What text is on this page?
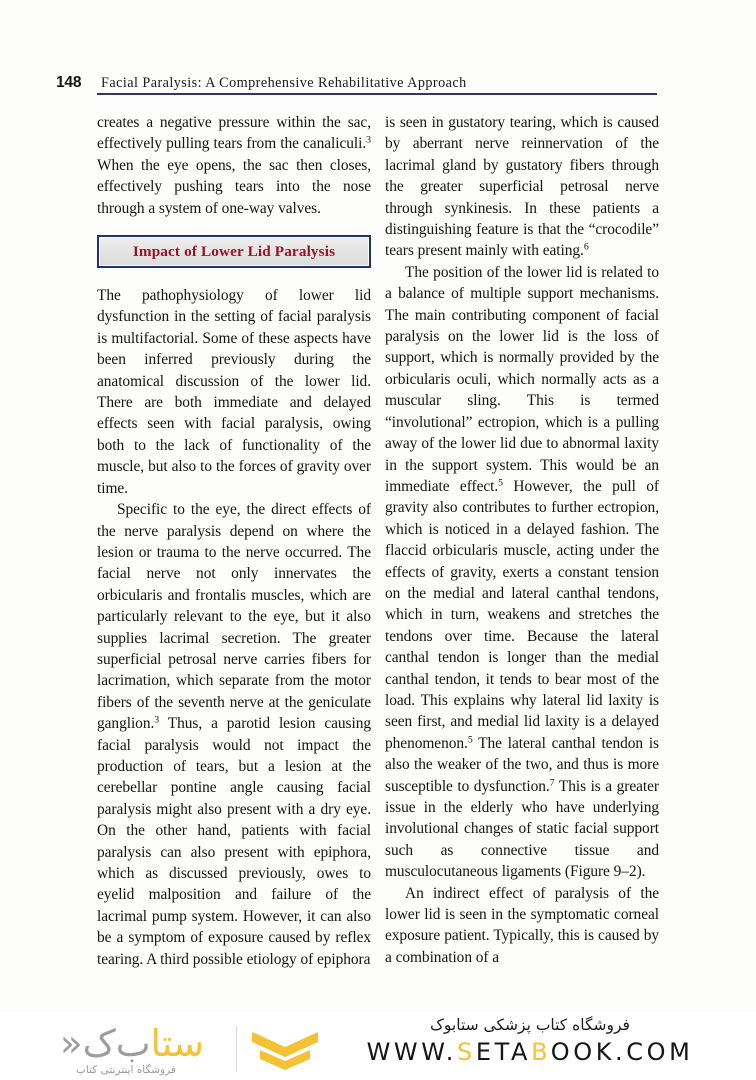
148	Facial Paralysis: A Comprehensive Rehabilitative Approach

creates a negative pressure within the sac, effectively pulling tears from the canaliculi.$^3$ When the eye opens, the sac then closes, effectively pushing tears into the nose through a system of one-way valves.

Impact of Lower Lid Paralysis

The pathophysiology of lower lid dysfunction in the setting of facial paralysis is multifactorial. Some of these aspects have been inferred previously during the anatomical discussion of the lower lid. There are both immediate and delayed effects seen with facial paralysis, owing both to the lack of functionality of the muscle, but also to the forces of gravity over time.

Specific to the eye, the direct effects of the nerve paralysis depend on where the lesion or trauma to the nerve occurred. The facial nerve not only innervates the orbicularis and frontalis muscles, which are particularly relevant to the eye, but it also supplies lacrimal secretion. The greater superficial petrosal nerve carries fibers for lacrimation, which separate from the motor fibers of the seventh nerve at the geniculate ganglion.$^3$ Thus, a parotid lesion causing facial paralysis would not impact the production of tears, but a lesion at the cerebellar pontine angle causing facial paralysis might also present with a dry eye. On the other hand, patients with facial paralysis can also present with epiphora, which as discussed previously, owes to eyelid malposition and failure of the lacrimal pump system. However, it can also be a symptom of exposure caused by reflex tearing. A third possible etiology of epiphora

is seen in gustatory tearing, which is caused by aberrant nerve reinnervation of the lacrimal gland by gustatory fibers through the greater superficial petrosal nerve through synkinesis. In these patients a distinguishing feature is that the “crocodile” tears present mainly with eating.$^6$

The position of the lower lid is related to a balance of multiple support mechanisms. The main contributing component of facial paralysis on the lower lid is the loss of support, which is normally provided by the orbicularis oculi, which normally acts as a muscular sling. This is termed “involutional” ectropion, which is a pulling away of the lower lid due to abnormal laxity in the support system. This would be an immediate effect.$^5$ However, the pull of gravity also contributes to further ectropion, which is noticed in a delayed fashion. The flaccid orbicularis muscle, acting under the effects of gravity, exerts a constant tension on the medial and lateral canthal tendons, which in turn, weakens and stretches the tendons over time. Because the lateral canthal tendon is longer than the medial canthal tendon, it tends to bear most of the load. This explains why lateral lid laxity is seen first, and medial lid laxity is a delayed phenomenon.$^5$ The lateral canthal tendon is also the weaker of the two, and thus is more susceptible to dysfunction.$^7$ This is a greater issue in the elderly who have underlying involutional changes of static facial support such as connective tissue and musculocutaneous ligaments (Figure 9–2).

An indirect effect of paralysis of the lower lid is seen in the symptomatic corneal exposure patient. Typically, this is caused by a combination of a

ستاب‌ک«
فروشگاه اینترنتی کتاب
فروشگاه کتاب پزشکی ستابوک
WWW.SETABOOK.COM
